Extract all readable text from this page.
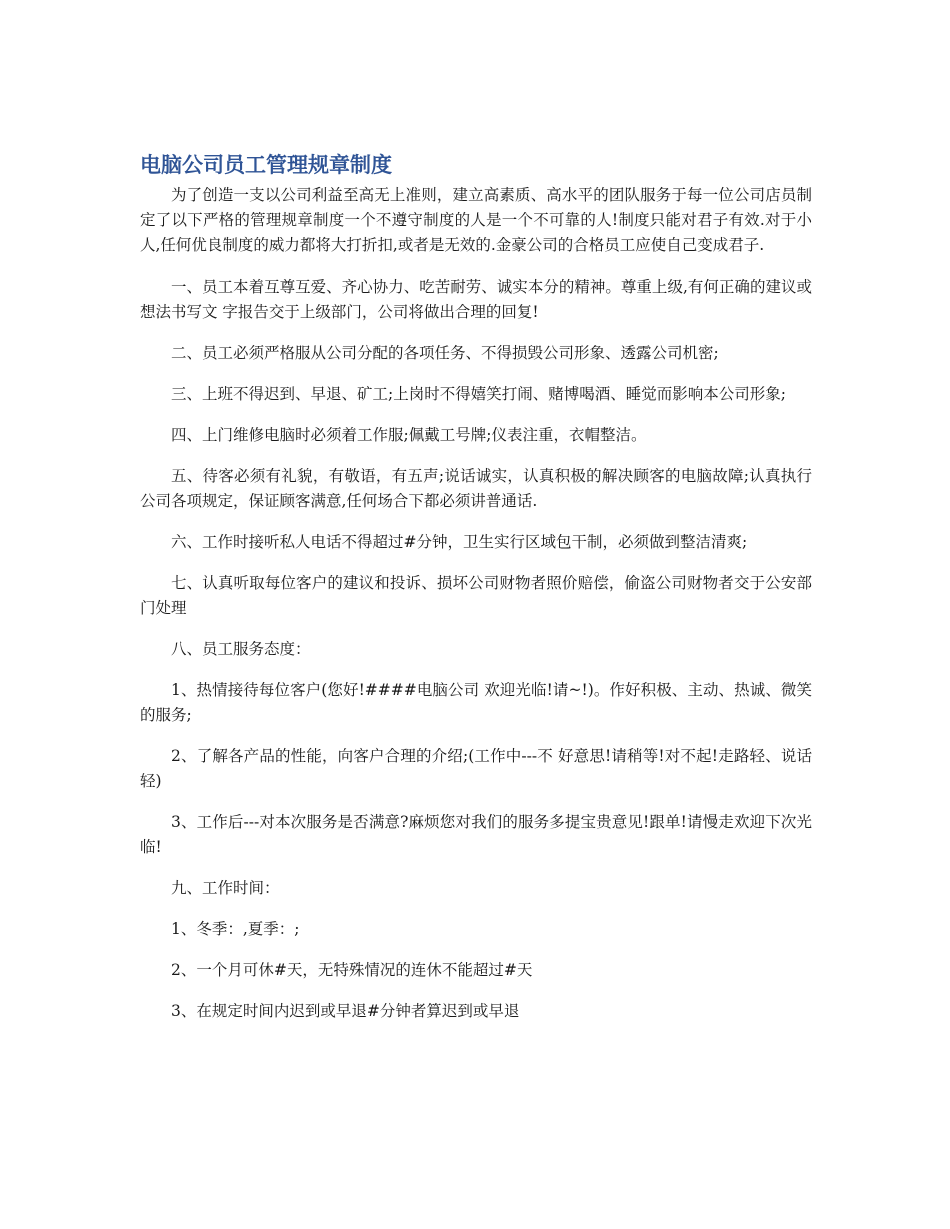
电脑公司员工管理规章制度

为了创造一支以公司利益至高无上准则，建立高素质、高水平的团队服务于每一位公司店员制定了以下严格的管理规章制度一个不遵守制度的人是一个不可靠的人!制度只能对君子有效.对于小人,任何优良制度的威力都将大打折扣,或者是无效的.金豪公司的合格员工应使自己变成君子.

一、员工本着互尊互爱、齐心协力、吃苦耐劳、诚实本分的精神。尊重上级,有何正确的建议或想法书写文 字报告交于上级部门，公司将做出合理的回复!

二、员工必须严格服从公司分配的各项任务、不得损毁公司形象、透露公司机密;

三、上班不得迟到、早退、矿工;上岗时不得嬉笑打闹、赌博喝酒、睡觉而影响本公司形象;

四、上门维修电脑时必须着工作服;佩戴工号牌;仪表注重，衣帽整洁。

五、待客必须有礼貌，有敬语，有五声;说话诚实，认真积极的解决顾客的电脑故障;认真执行公司各项规定，保证顾客满意,任何场合下都必须讲普通话.

六、工作时接听私人电话不得超过#分钟，卫生实行区域包干制，必须做到整洁清爽;

七、认真听取每位客户的建议和投诉、损坏公司财物者照价赔偿，偷盗公司财物者交于公安部门处理

八、员工服务态度：

1、热情接待每位客户(您好!####电脑公司 欢迎光临!请~!)。作好积极、主动、热诚、微笑的服务;

2、了解各产品的性能，向客户合理的介绍;(工作中---不 好意思!请稍等!对不起!走路轻、说话轻)

3、工作后---对本次服务是否满意?麻烦您对我们的服务多提宝贵意见!跟单!请慢走欢迎下次光临!

九、工作时间：

1、冬季：,夏季：;

2、一个月可休#天，无特殊情况的连休不能超过#天

3、在规定时间内迟到或早退#分钟者算迟到或早退
